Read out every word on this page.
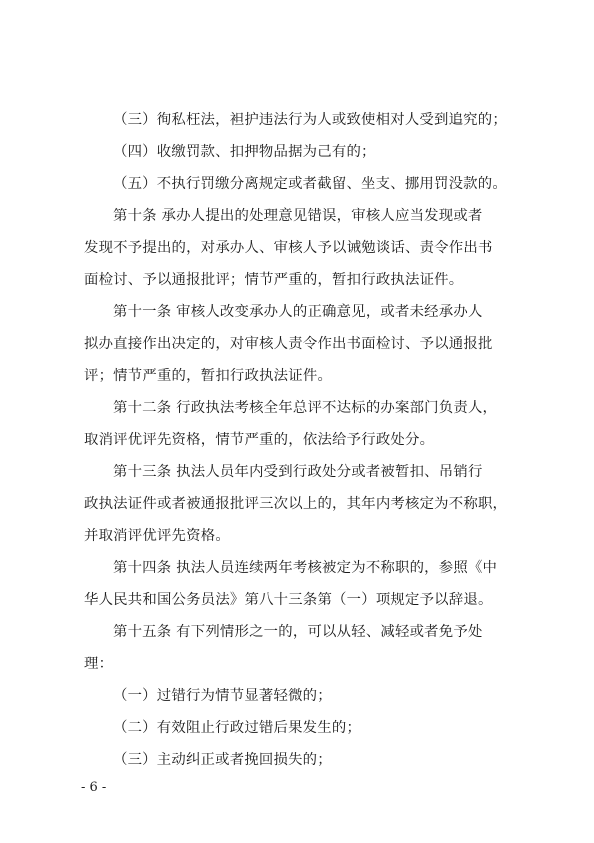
（三）徇私枉法，袒护违法行为人或致使相对人受到追究的；
（四）收缴罚款、扣押物品据为己有的；
（五）不执行罚缴分离规定或者截留、坐支、挪用罚没款的。
第十条 承办人提出的处理意见错误，审核人应当发现或者
发现不予提出的，对承办人、审核人予以诫勉谈话、责令作出书
面检讨、予以通报批评；情节严重的，暂扣行政执法证件。
第十一条 审核人改变承办人的正确意见，或者未经承办人
拟办直接作出决定的，对审核人责令作出书面检讨、予以通报批
评；情节严重的，暂扣行政执法证件。
第十二条 行政执法考核全年总评不达标的办案部门负责人，
取消评优评先资格，情节严重的，依法给予行政处分。
第十三条 执法人员年内受到行政处分或者被暂扣、吊销行
政执法证件或者被通报批评三次以上的，其年内考核定为不称职，
并取消评优评先资格。
第十四条 执法人员连续两年考核被定为不称职的，参照《中
华人民共和国公务员法》第八十三条第（一）项规定予以辞退。
第十五条 有下列情形之一的，可以从轻、减轻或者免予处
理：
（一）过错行为情节显著轻微的；
（二）有效阻止行政过错后果发生的；
（三）主动纠正或者挽回损失的；
- 6 -
